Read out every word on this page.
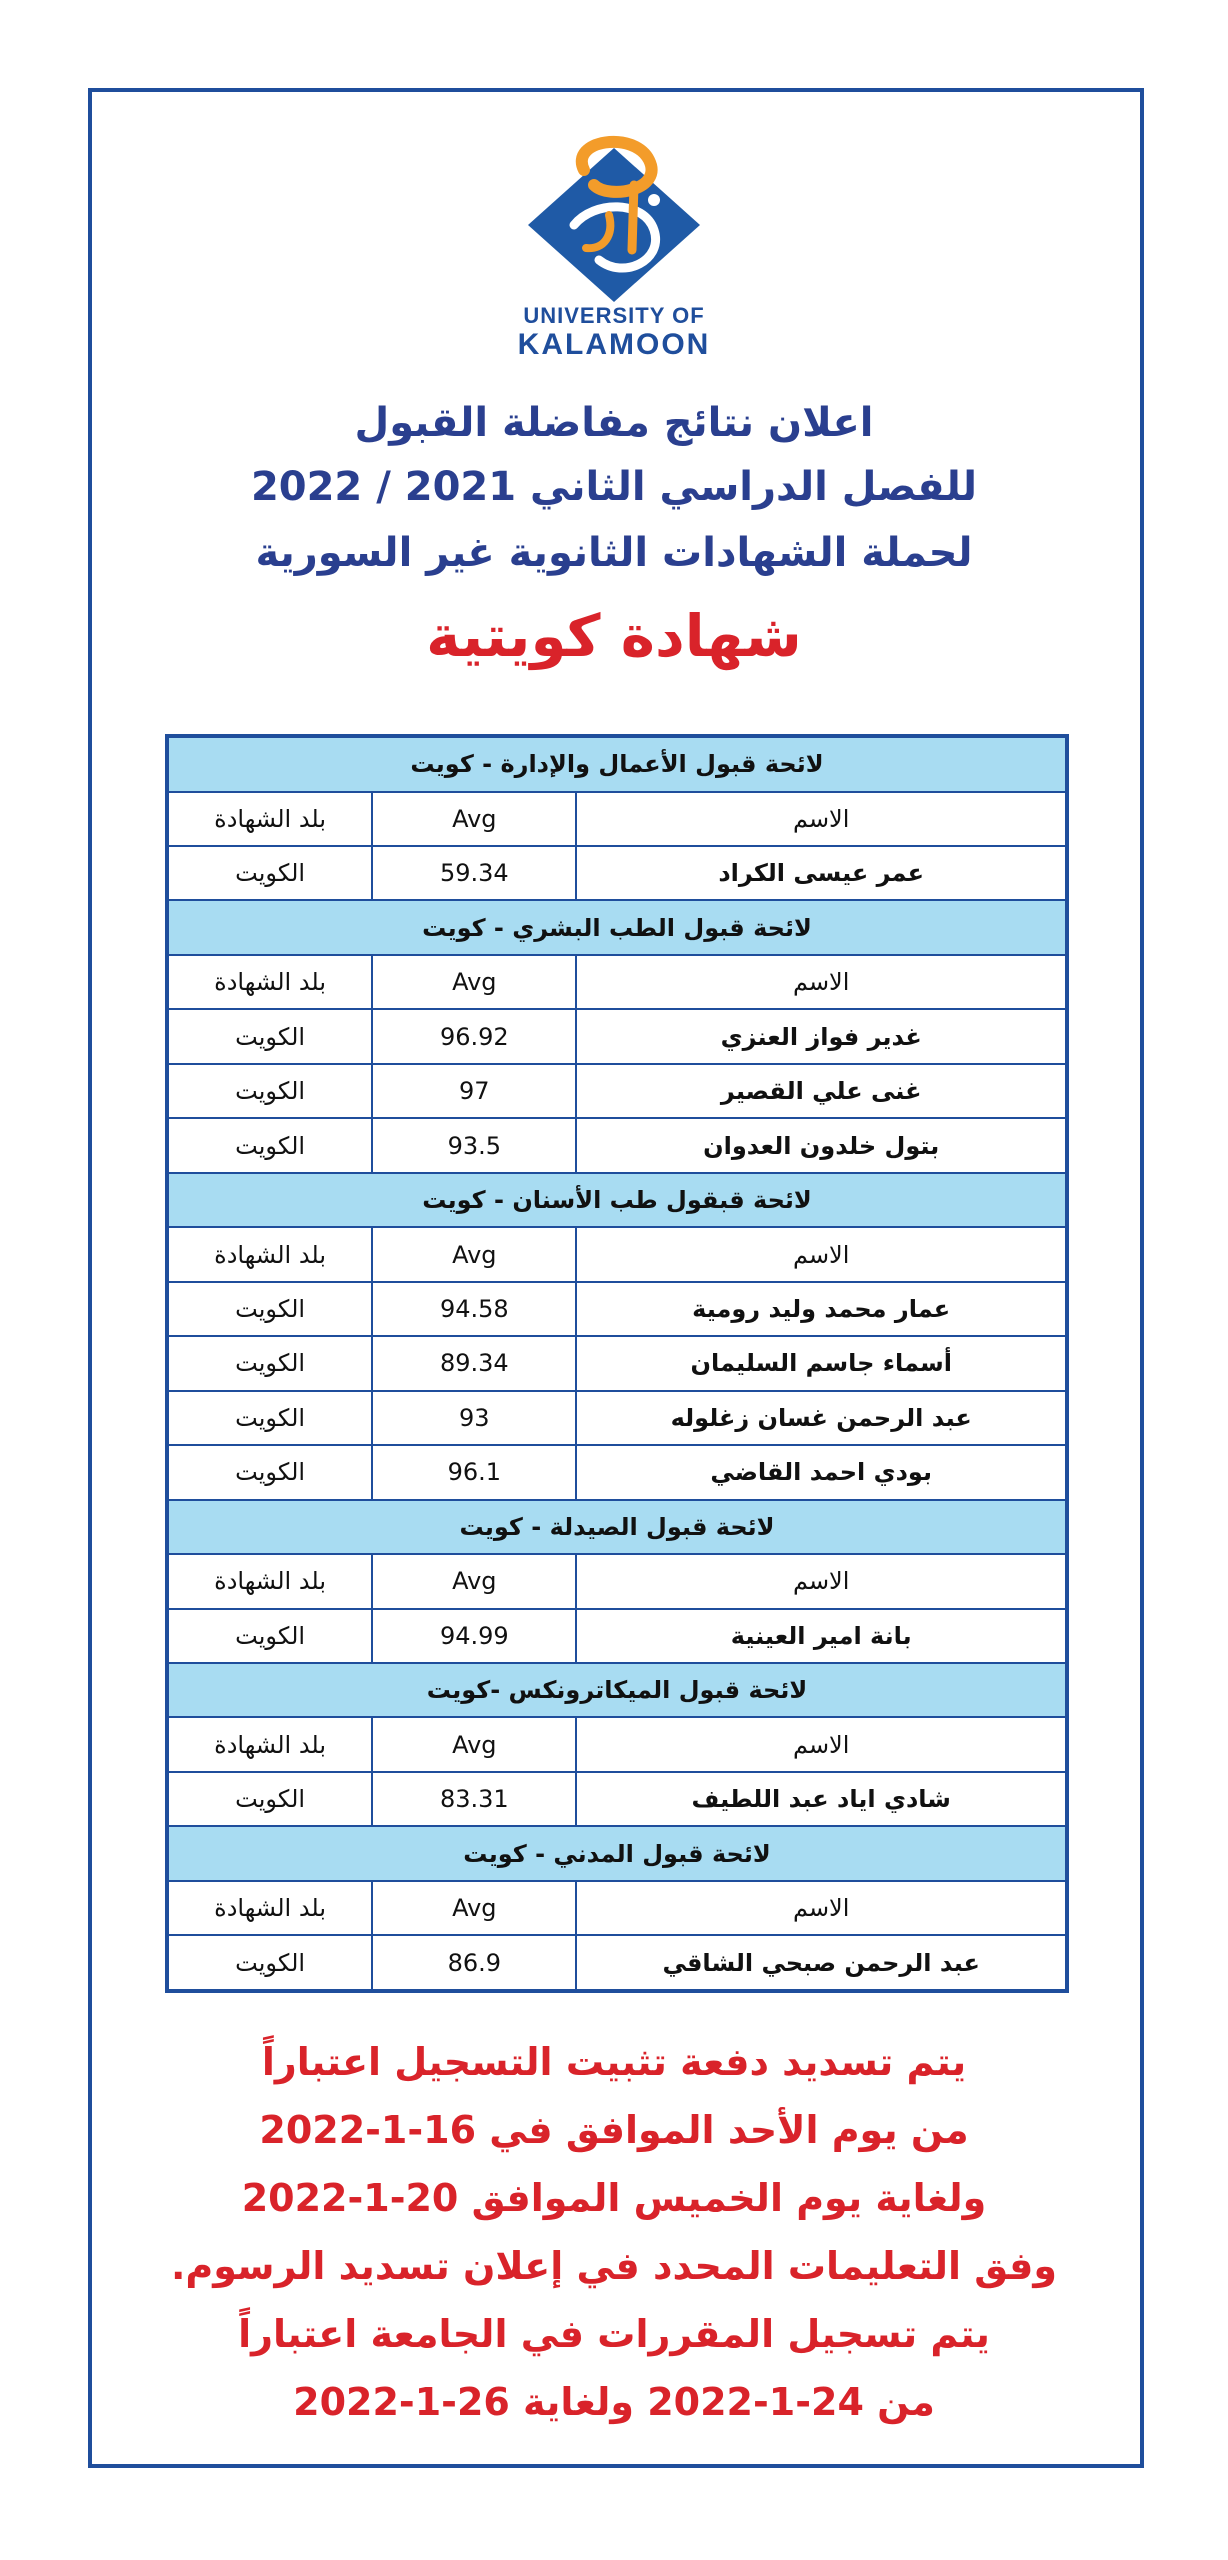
UNIVERSITY OF
KALAMOON
اعلان نتائج مفاضلة القبول
للفصل الدراسي الثاني 2021 / 2022
لحملة الشهادات الثانوية غير السورية
شهادة كويتية
لائحة قبول الأعمال والإدارة - كويت		
الاسم	Avg	بلد الشهادة
عمر عيسى الكراد	59.34	الكويت
لائحة قبول الطب البشري - كويت		
الاسم	Avg	بلد الشهادة
غدير فواز العنزي	96.92	الكويت
غنى علي القصير	97	الكويت
بتول خلدون العدوان	93.5	الكويت
لائحة قبقول طب الأسنان - كويت		
الاسم	Avg	بلد الشهادة
عمار محمد وليد رومية	94.58	الكويت
أسماء جاسم السليمان	89.34	الكويت
عبد الرحمن غسان زغلوله	93	الكويت
بودي احمد القاضي	96.1	الكويت
لائحة قبول الصيدلة - كويت		
الاسم	Avg	بلد الشهادة
بانة امير العينية	94.99	الكويت
لائحة قبول الميكاترونكس -كويت		
الاسم	Avg	بلد الشهادة
شادي اياد عبد اللطيف	83.31	الكويت
لائحة قبول المدني - كويت		
الاسم	Avg	بلد الشهادة
عبد الرحمن صبحي الشاقي	86.9	الكويت
يتم تسديد دفعة تثبيت التسجيل اعتباراً
من يوم الأحد الموافق في 16-1-2022
ولغاية يوم الخميس الموافق 20-1-2022
وفق التعليمات المحدد في إعلان تسديد الرسوم.
يتم تسجيل المقررات في الجامعة اعتباراً
من 24-1-2022 ولغاية 26-1-2022
